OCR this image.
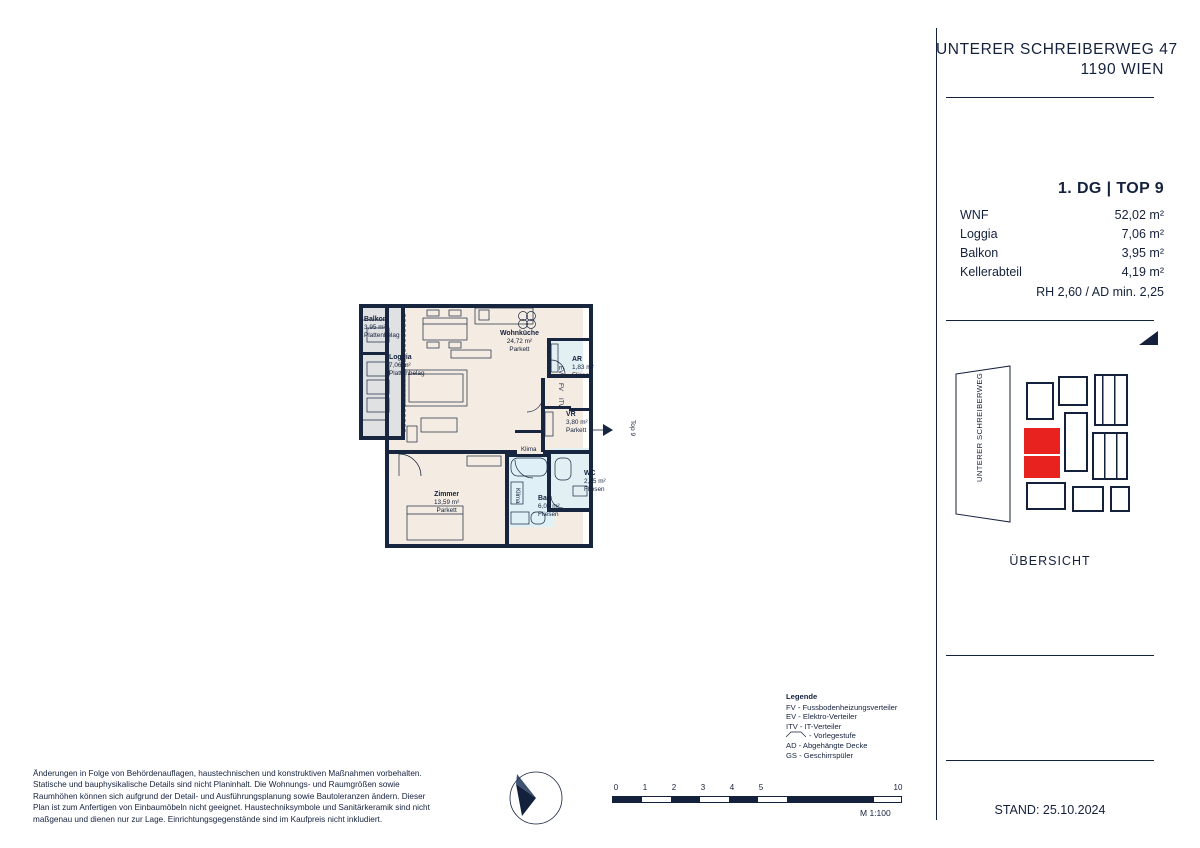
UNTERER SCHREIBERWEG 47
1190 WIEN
1. DG | TOP 9
WNF	52,02 m²
Loggia	7,06 m²
Balkon	3,95 m²
Kellerabteil	4,19 m²
RH 2,60 / AD min. 2,25
UNTERER SCHREIBERWEG
ÜBERSICHT
STAND: 25.10.2024
Änderungen in Folge von Behördenauflagen, haustechnischen und konstruktiven Maßnahmen vorbehalten. Statische und bauphysikalische Details sind nicht Planinhalt. Die Wohnungs- und Raumgrößen sowie Raumhöhen können sich aufgrund der Detail- und Ausführungsplanung sowie Bautoleranzen ändern. Dieser Plan ist zum Anfertigen von Einbaumöbeln nicht geeignet. Haustechniksymbole und Sanitärkeramik sind nicht maßgenau und dienen nur zur Lage. Einrichtungsgegenstände sind im Kaufpreis nicht inkludiert.
Legende
FV - Fussbodenheizungsverteiler
EV - Elektro-Verteiler
ITV - IT-Verteiler
- Vorlegestufe
AD - Abgehängte Decke
GS - Geschirrspüler
0	1	2	3	4	5	10
M 1:100
Balkon
3,95 m²
Plattenbelag
Loggia
7,06 m²
Plattenbelag
Wohnküche
24,72 m²
Parkett
AR
1,83 m²
Fliesen
VR
3,80 m²
Parkett
WC
2,15 m²
Fliesen
Bad
6,03 m²
Fliesen
Zimmer
13,59 m²
Parkett
EV
FV
ITV
Klima
Klima
Top 9
